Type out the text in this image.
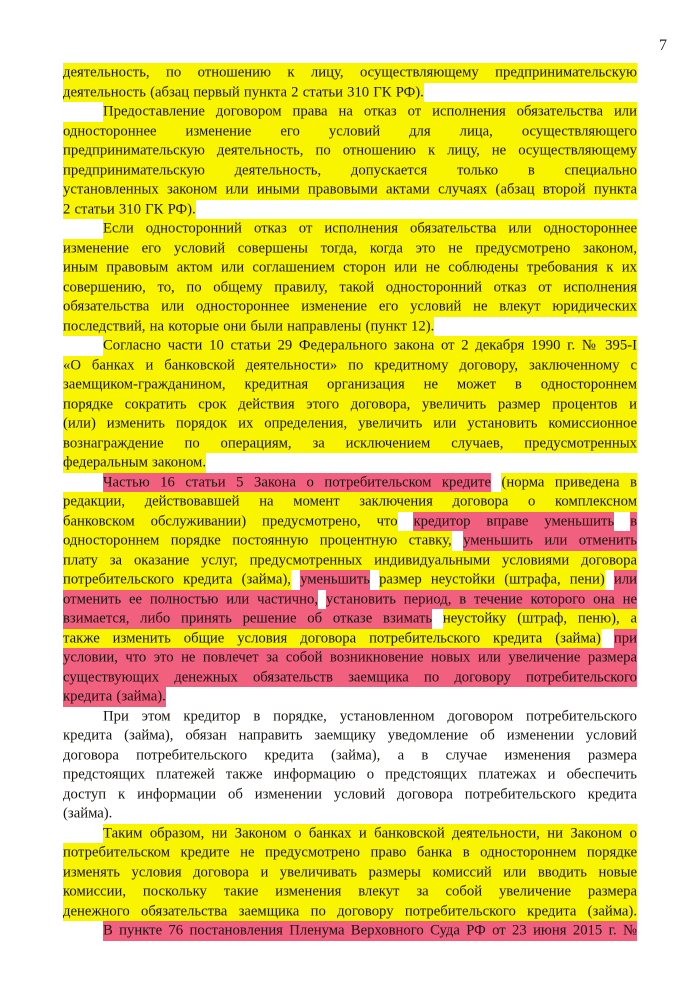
7
деятельность, по отношению к лицу, осуществляющему предпринимательскую
деятельность (абзац первый пункта 2 статьи 310 ГК РФ).
Предоставление договором права на отказ от исполнения обязательства или
одностороннее изменение его условий для лица, осуществляющего
предпринимательскую деятельность, по отношению к лицу, не осуществляющему
предпринимательскую деятельность, допускается только в специально
установленных законом или иными правовыми актами случаях (абзац второй пункта
2 статьи 310 ГК РФ).
Если односторонний отказ от исполнения обязательства или одностороннее
изменение его условий совершены тогда, когда это не предусмотрено законом,
иным правовым актом или соглашением сторон или не соблюдены требования к их
совершению, то, по общему правилу, такой односторонний отказ от исполнения
обязательства или одностороннее изменение его условий не влекут юридических
последствий, на которые они были направлены (пункт 12).
Согласно части 10 статьи 29 Федерального закона от 2 декабря 1990 г. № 395-I
«О банках и банковской деятельности» по кредитному договору, заключенному с
заемщиком-гражданином, кредитная организация не может в одностороннем
порядке сократить срок действия этого договора, увеличить размер процентов и
(или) изменить порядок их определения, увеличить или установить комиссионное
вознаграждение по операциям, за исключением случаев, предусмотренных
федеральным законом.
Частью 16 статьи 5 Закона о потребительском кредите (норма приведена в
редакции, действовавшей на момент заключения договора о комплексном
банковском обслуживании) предусмотрено, что кредитор вправе уменьшить в
одностороннем порядке постоянную процентную ставку, уменьшить или отменить
плату за оказание услуг, предусмотренных индивидуальными условиями договора
потребительского кредита (займа), уменьшить размер неустойки (штрафа, пени) или
отменить ее полностью или частично, установить период, в течение которого она не
взимается, либо принять решение об отказе взимать неустойку (штраф, пеню), а
также изменить общие условия договора потребительского кредита (займа) при
условии, что это не повлечет за собой возникновение новых или увеличение размера
существующих денежных обязательств заемщика по договору потребительского
кредита (займа).
При этом кредитор в порядке, установленном договором потребительского
кредита (займа), обязан направить заемщику уведомление об изменении условий
договора потребительского кредита (займа), а в случае изменения размера
предстоящих платежей также информацию о предстоящих платежах и обеспечить
доступ к информации об изменении условий договора потребительского кредита
(займа).
Таким образом, ни Законом о банках и банковской деятельности, ни Законом о
потребительском кредите не предусмотрено право банка в одностороннем порядке
изменять условия договора и увеличивать размеры комиссий или вводить новые
комиссии, поскольку такие изменения влекут за собой увеличение размера
денежного обязательства заемщика по договору потребительского кредита (займа).
В пункте 76 постановления Пленума Верховного Суда РФ от 23 июня 2015 г. №
